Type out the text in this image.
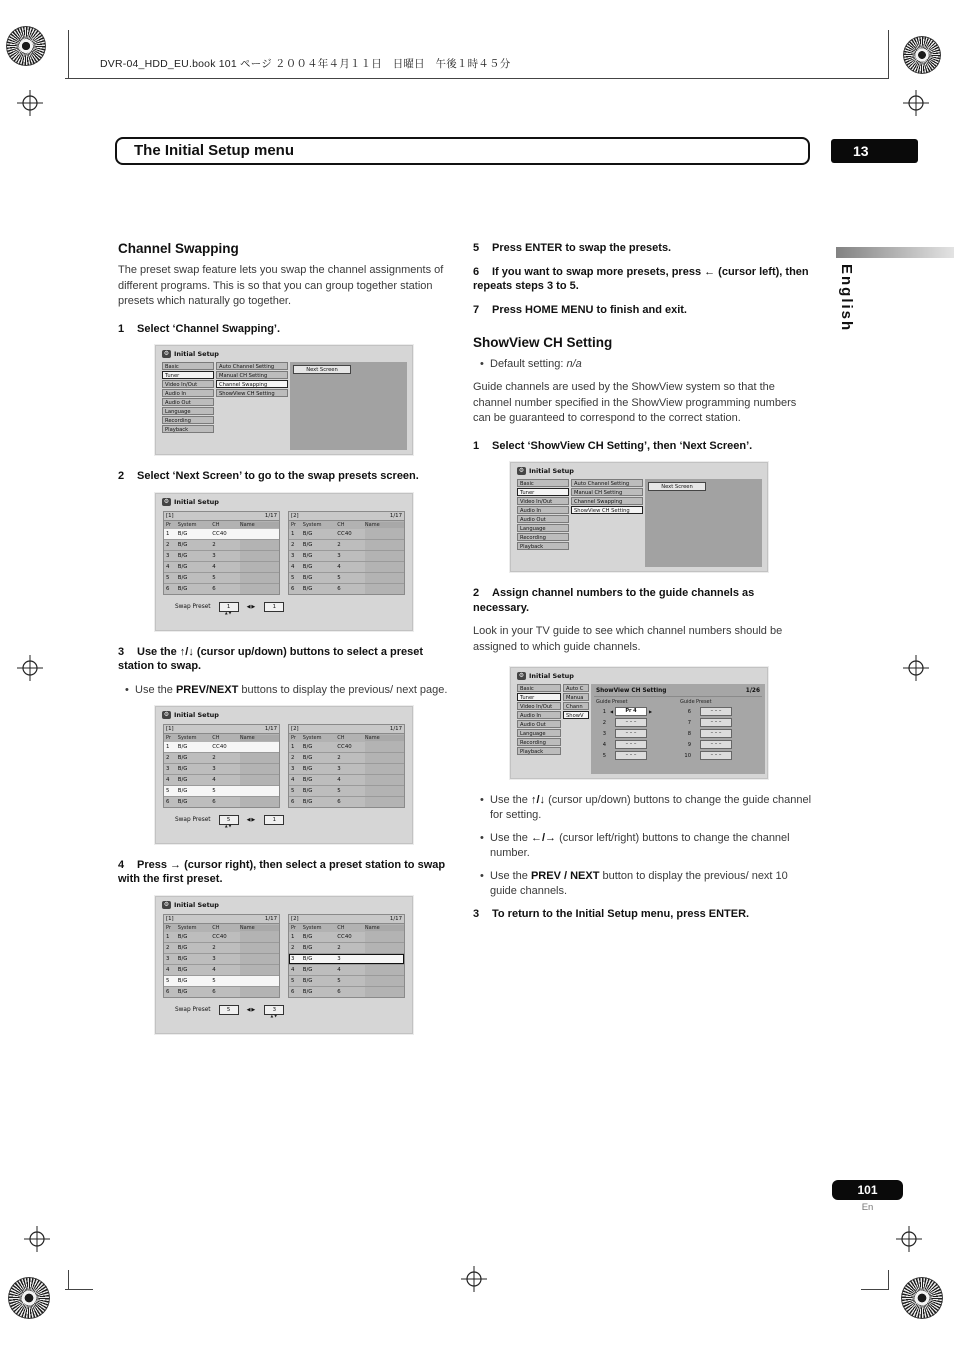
DVR-04_HDD_EU.book 101 ページ ２００４年４月１１日　日曜日　午後１時４５分
The Initial Setup menu	13
English
101
En
Channel Swapping

The preset swap feature lets you swap the channel assignments of different programs. This is so that you can group together station presets which naturally go together.

1 Select ‘Channel Swapping’.

⚙ Initial Setup
Basic
Tuner
Video In/Out
Audio In
Audio Out
Language
Recording
Playback
Auto Channel Setting
Manual CH Setting
Channel Swapping
ShowView CH Setting
Next Screen

2 Select ‘Next Screen’ to go to the swap presets screen.

⚙ Initial Setup
[1]	1/17
Pr	System	CH	Name
1	B/G	CC40
2	B/G	2
3	B/G	3
4	B/G	4
5	B/G	5
6	B/G	6
[2]	1/17
Pr	System	CH	Name
1	B/G	CC40
2	B/G	2
3	B/G	3
4	B/G	4
5	B/G	5
6	B/G	6
Swap Preset	1 ▲▼	◀▶	1

3 Use the ↑/↓ (cursor up/down) buttons to select a preset station to swap.

• Use the PREV/NEXT buttons to display the previous/ next page.

⚙ Initial Setup
[1]	1/17
Pr	System	CH	Name
1	B/G	CC40
2	B/G	2
3	B/G	3
4	B/G	4
5	B/G	5
6	B/G	6
[2]	1/17
Pr	System	CH	Name
1	B/G	CC40
2	B/G	2
3	B/G	3
4	B/G	4
5	B/G	5
6	B/G	6
Swap Preset	5 ▲▼	◀▶	1

4 Press → (cursor right), then select a preset station to swap with the first preset.

⚙ Initial Setup
[1]	1/17
Pr	System	CH	Name
1	B/G	CC40
2	B/G	2
3	B/G	3
4	B/G	4
5	B/G	5
6	B/G	6
[2]	1/17
Pr	System	CH	Name
1	B/G	CC40
2	B/G	2
3	B/G	3
4	B/G	4
5	B/G	5
6	B/G	6
Swap Preset	5	◀▶	3 ▲▼

5 Press ENTER to swap the presets.

6 If you want to swap more presets, press ← (cursor left), then repeats steps 3 to 5.

7 Press HOME MENU to finish and exit.

ShowView CH Setting

• Default setting: n/a

Guide channels are used by the ShowView system so that the channel number specified in the ShowView programming numbers can be guaranteed to correspond to the correct station.

1 Select ‘ShowView CH Setting’, then ‘Next Screen’.

⚙ Initial Setup
Basic
Tuner
Video In/Out
Audio In
Audio Out
Language
Recording
Playback
Auto Channel Setting
Manual CH Setting
Channel Swapping
ShowView CH Setting
Next Screen

2 Assign channel numbers to the guide channels as necessary.

Look in your TV guide to see which channel numbers should be assigned to which guide channels.

⚙ Initial Setup
Basic
Tuner
Video In/Out
Audio In
Audio Out
Language
Recording
Playback
Auto C
Manua
Chann
ShowV
ShowView CH Setting	1/26
Guide Preset	Guide Preset
1 ◀	Pr 4	▶
2	– – –
3	– – –
4	– – –
5	– – –
6	– – –
7	– – –
8	– – –
9	– – –
10	– – –

• Use the ↑/↓ (cursor up/down) buttons to change the guide channel for setting.

• Use the ←/→ (cursor left/right) buttons to change the channel number.

• Use the PREV / NEXT button to display the previous/ next 10 guide channels.

3 To return to the Initial Setup menu, press ENTER.
